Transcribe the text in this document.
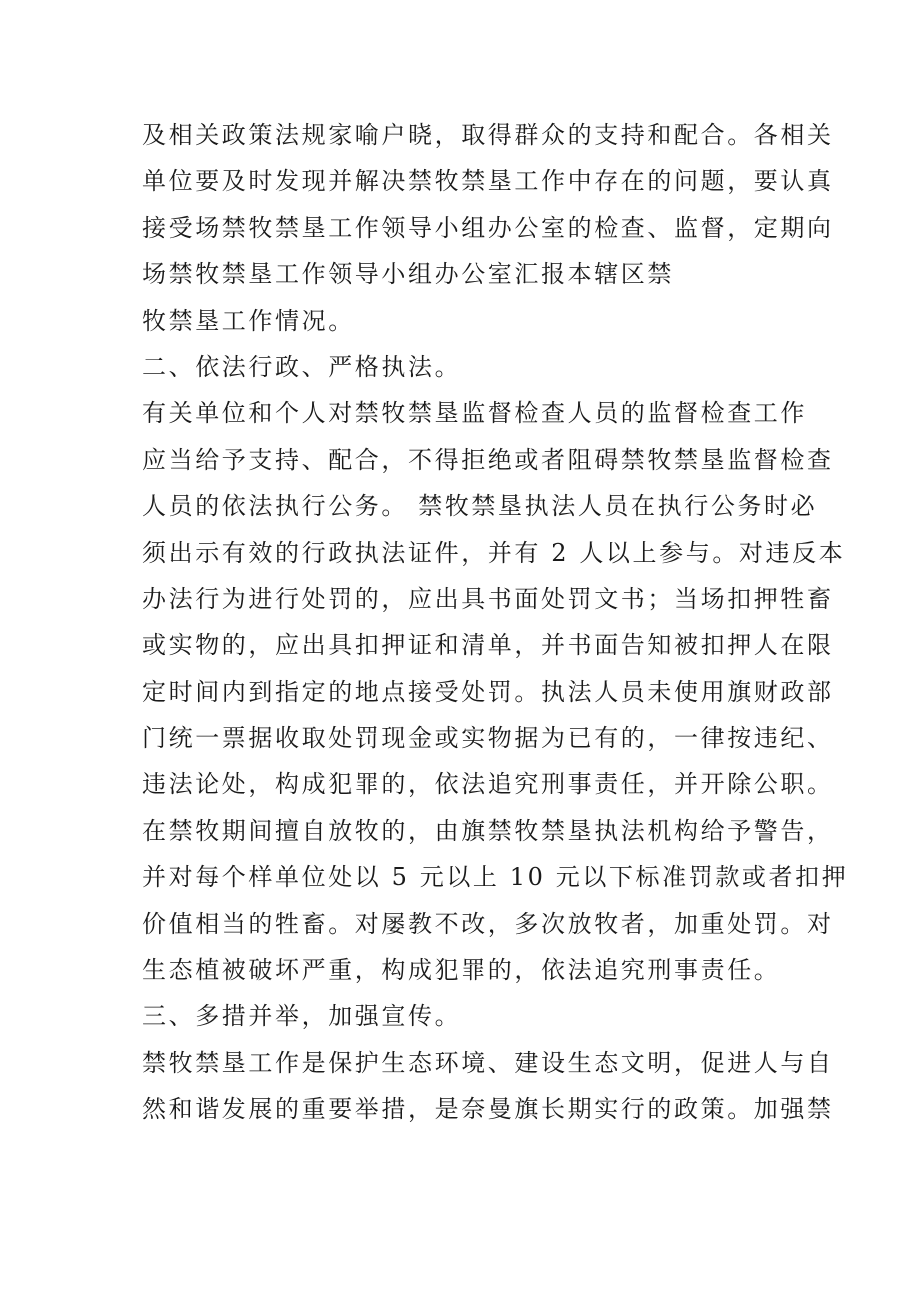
及相关政策法规家喻户晓，取得群众的支持和配合。各相关
单位要及时发现并解决禁牧禁垦工作中存在的问题，要认真
接受场禁牧禁垦工作领导小组办公室的检查、监督，定期向
场禁牧禁垦工作领导小组办公室汇报本辖区禁
牧禁垦工作情况。
二、依法行政、严格执法。
有关单位和个人对禁牧禁垦监督检查人员的监督检查工作
应当给予支持、配合，不得拒绝或者阻碍禁牧禁垦监督检查
人员的依法执行公务。 禁牧禁垦执法人员在执行公务时必
须出示有效的行政执法证件，并有 2 人以上参与。对违反本
办法行为进行处罚的，应出具书面处罚文书；当场扣押牲畜
或实物的，应出具扣押证和清单，并书面告知被扣押人在限
定时间内到指定的地点接受处罚。执法人员未使用旗财政部
门统一票据收取处罚现金或实物据为已有的，一律按违纪、
违法论处，构成犯罪的，依法追究刑事责任，并开除公职。
在禁牧期间擅自放牧的，由旗禁牧禁垦执法机构给予警告，
并对每个样单位处以 5 元以上 10 元以下标准罚款或者扣押
价值相当的牲畜。对屡教不改，多次放牧者，加重处罚。对
生态植被破坏严重，构成犯罪的，依法追究刑事责任。
三、多措并举，加强宣传。
禁牧禁垦工作是保护生态环境、建设生态文明，促进人与自
然和谐发展的重要举措，是奈曼旗长期实行的政策。加强禁
